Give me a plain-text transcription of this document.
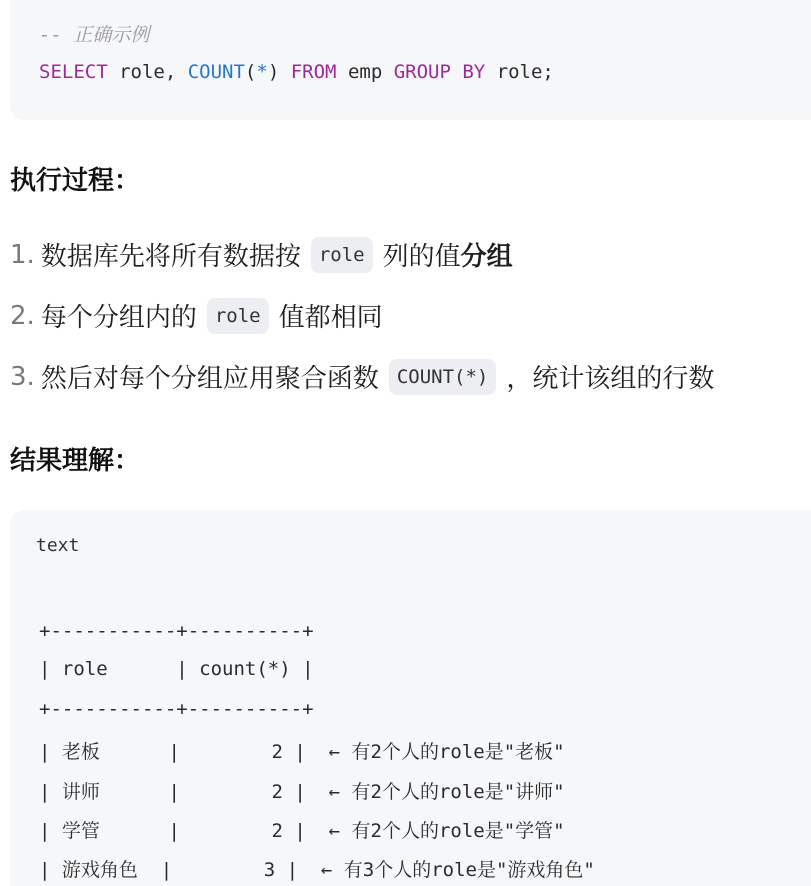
-- 正确示例
SELECT role, COUNT(*) FROM emp GROUP BY role;
执行过程：
1. 数据库先将所有数据按 role 列的值 分组
2. 每个分组内的 role 值都相同
3. 然后对每个分组应用聚合函数 COUNT(*) ，统计该组的行数
结果理解：
text
+-----------+----------+
| role      | count(*) |
+-----------+----------+
| 老板      |        2 |  ← 有2个人的role是"老板"
| 讲师      |        2 |  ← 有2个人的role是"讲师"
| 学管      |        2 |  ← 有2个人的role是"学管"
| 游戏角色  |        3 |  ← 有3个人的role是"游戏角色"
